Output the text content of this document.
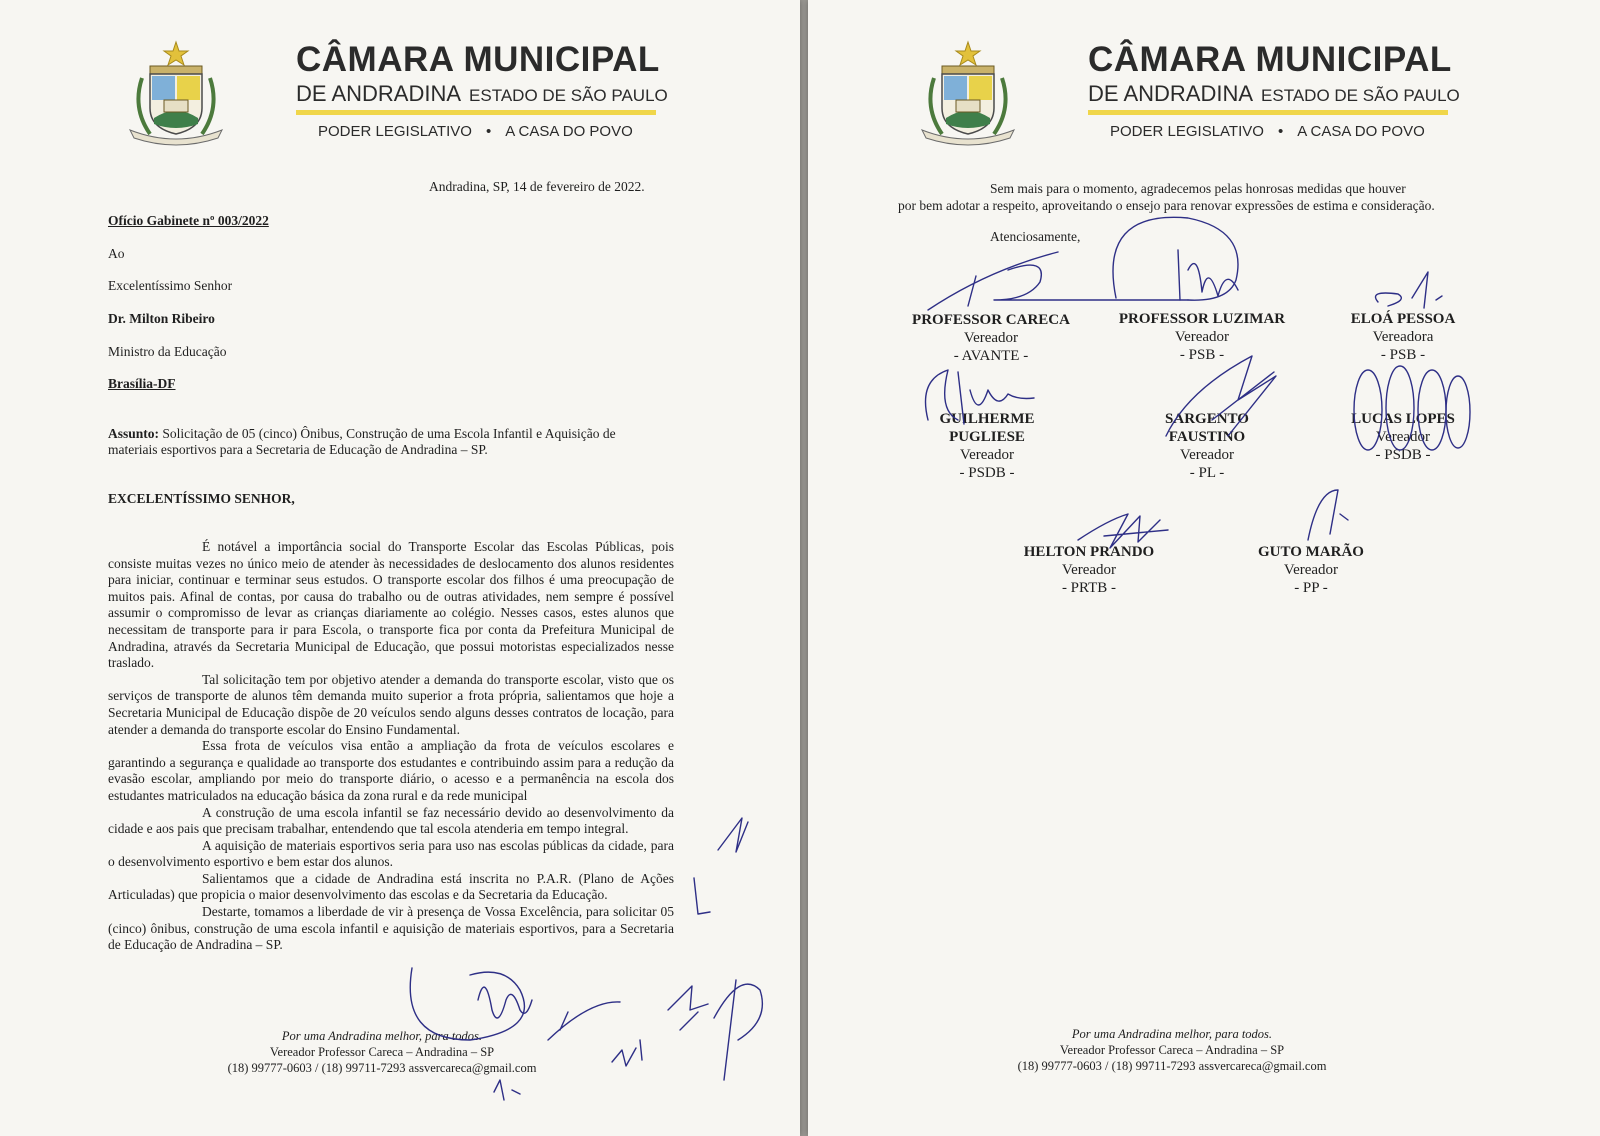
CÂMARA MUNICIPAL
DE ANDRADINA ESTADO DE SÃO PAULO
PODER LEGISLATIVO • A CASA DO POVO
Andradina, SP, 14 de fevereiro de 2022.
Ofício Gabinete nº 003/2022
Ao
Excelentíssimo Senhor
Dr. Milton Ribeiro
Ministro da Educação
Brasília-DF
Assunto: Solicitação de 05 (cinco) Ônibus, Construção de uma Escola Infantil e Aquisição de
materiais esportivos para a Secretaria de Educação de Andradina – SP.
EXCELENTÍSSIMO SENHOR,

É notável a importância social do Transporte Escolar das Escolas Públicas, pois consiste muitas vezes no único meio de atender às necessidades de deslocamento dos alunos residentes para iniciar, continuar e terminar seus estudos. O transporte escolar dos filhos é uma preocupação de muitos pais. Afinal de contas, por causa do trabalho ou de outras atividades, nem sempre é possível assumir o compromisso de levar as crianças diariamente ao colégio. Nesses casos, estes alunos que necessitam de transporte para ir para Escola, o transporte fica por conta da Prefeitura Municipal de Andradina, através da Secretaria Municipal de Educação, que possui motoristas especializados nesse traslado.

Tal solicitação tem por objetivo atender a demanda do transporte escolar, visto que os serviços de transporte de alunos têm demanda muito superior a frota própria, salientamos que hoje a Secretaria Municipal de Educação dispõe de 20 veículos sendo alguns desses contratos de locação, para atender a demanda do transporte escolar do Ensino Fundamental.

Essa frota de veículos visa então a ampliação da frota de veículos escolares e garantindo a segurança e qualidade ao transporte dos estudantes e contribuindo assim para a redução da evasão escolar, ampliando por meio do transporte diário, o acesso e a permanência na escola dos estudantes matriculados na educação básica da zona rural e da rede municipal

A construção de uma escola infantil se faz necessário devido ao desenvolvimento da cidade e aos pais que precisam trabalhar, entendendo que tal escola atenderia em tempo integral.

A aquisição de materiais esportivos seria para uso nas escolas públicas da cidade, para o desenvolvimento esportivo e bem estar dos alunos.

Salientamos que a cidade de Andradina está inscrita no P.A.R. (Plano de Ações Articuladas) que propicia o maior desenvolvimento das escolas e da Secretaria da Educação.

Destarte, tomamos a liberdade de vir à presença de Vossa Excelência, para solicitar 05 (cinco) ônibus, construção de uma escola infantil e aquisição de materiais esportivos, para a Secretaria de Educação de Andradina – SP.

Por uma Andradina melhor, para todos.
Vereador Professor Careca – Andradina – SP
(18) 99777-0603 / (18) 99711-7293 assvercareca@gmail.com
CÂMARA MUNICIPAL
DE ANDRADINA ESTADO DE SÃO PAULO
PODER LEGISLATIVO • A CASA DO POVO
Sem mais para o momento, agradecemos pelas honrosas medidas que houver
por bem adotar a respeito, aproveitando o ensejo para renovar expressões de estima e consideração.
Atenciosamente,
PROFESSOR CARECA
Vereador
- AVANTE -
PROFESSOR LUZIMAR
Vereador
- PSB -
ELOÁ PESSOA
Vereadora
- PSB -
GUILHERME
PUGLIESE
Vereador
- PSDB -
SARGENTO
FAUSTINO
Vereador
- PL -
LUCAS LOPES
Vereador
- PSDB -
HELTON PRANDO
Vereador
- PRTB -
GUTO MARÃO
Vereador
- PP -
Por uma Andradina melhor, para todos.
Vereador Professor Careca – Andradina – SP
(18) 99777-0603 / (18) 99711-7293 assvercareca@gmail.com
